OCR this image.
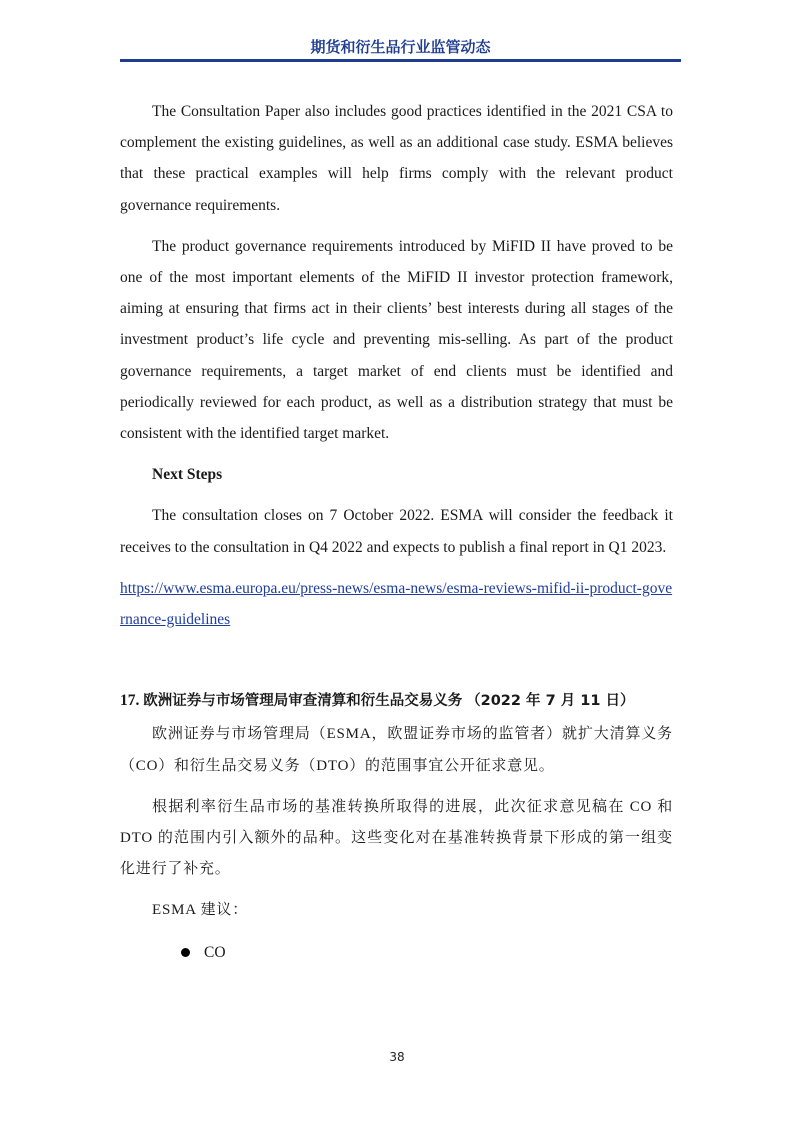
期货和衍生品行业监管动态

The Consultation Paper also includes good practices identified in the 2021 CSA to complement the existing guidelines, as well as an additional case study. ESMA believes that these practical examples will help firms comply with the relevant product governance requirements.

The product governance requirements introduced by MiFID II have proved to be one of the most important elements of the MiFID II investor protection framework, aiming at ensuring that firms act in their clients’ best interests during all stages of the investment product’s life cycle and preventing mis-selling. As part of the product governance requirements, a target market of end clients must be identified and periodically reviewed for each product, as well as a distribution strategy that must be consistent with the identified target market.

Next Steps

The consultation closes on 7 October 2022. ESMA will consider the feedback it receives to the consultation in Q4 2022 and expects to publish a final report in Q1 2023.

https://www.esma.europa.eu/press-news/esma-news/esma-reviews-mifid-ii-product-governance-guidelines

17. 欧洲证券与市场管理局审查清算和衍生品交易义务 （2022 年 7 月 11 日）

欧洲证券与市场管理局（ESMA，欧盟证券市场的监管者）就扩大清算义务（CO）和衍生品交易义务（DTO）的范围事宜公开征求意见。

根据利率衍生品市场的基准转换所取得的进展，此次征求意见稿在 CO 和 DTO 的范围内引入额外的品种。这些变化对在基准转换背景下形成的第一组变化进行了补充。

ESMA 建议：

CO
38
